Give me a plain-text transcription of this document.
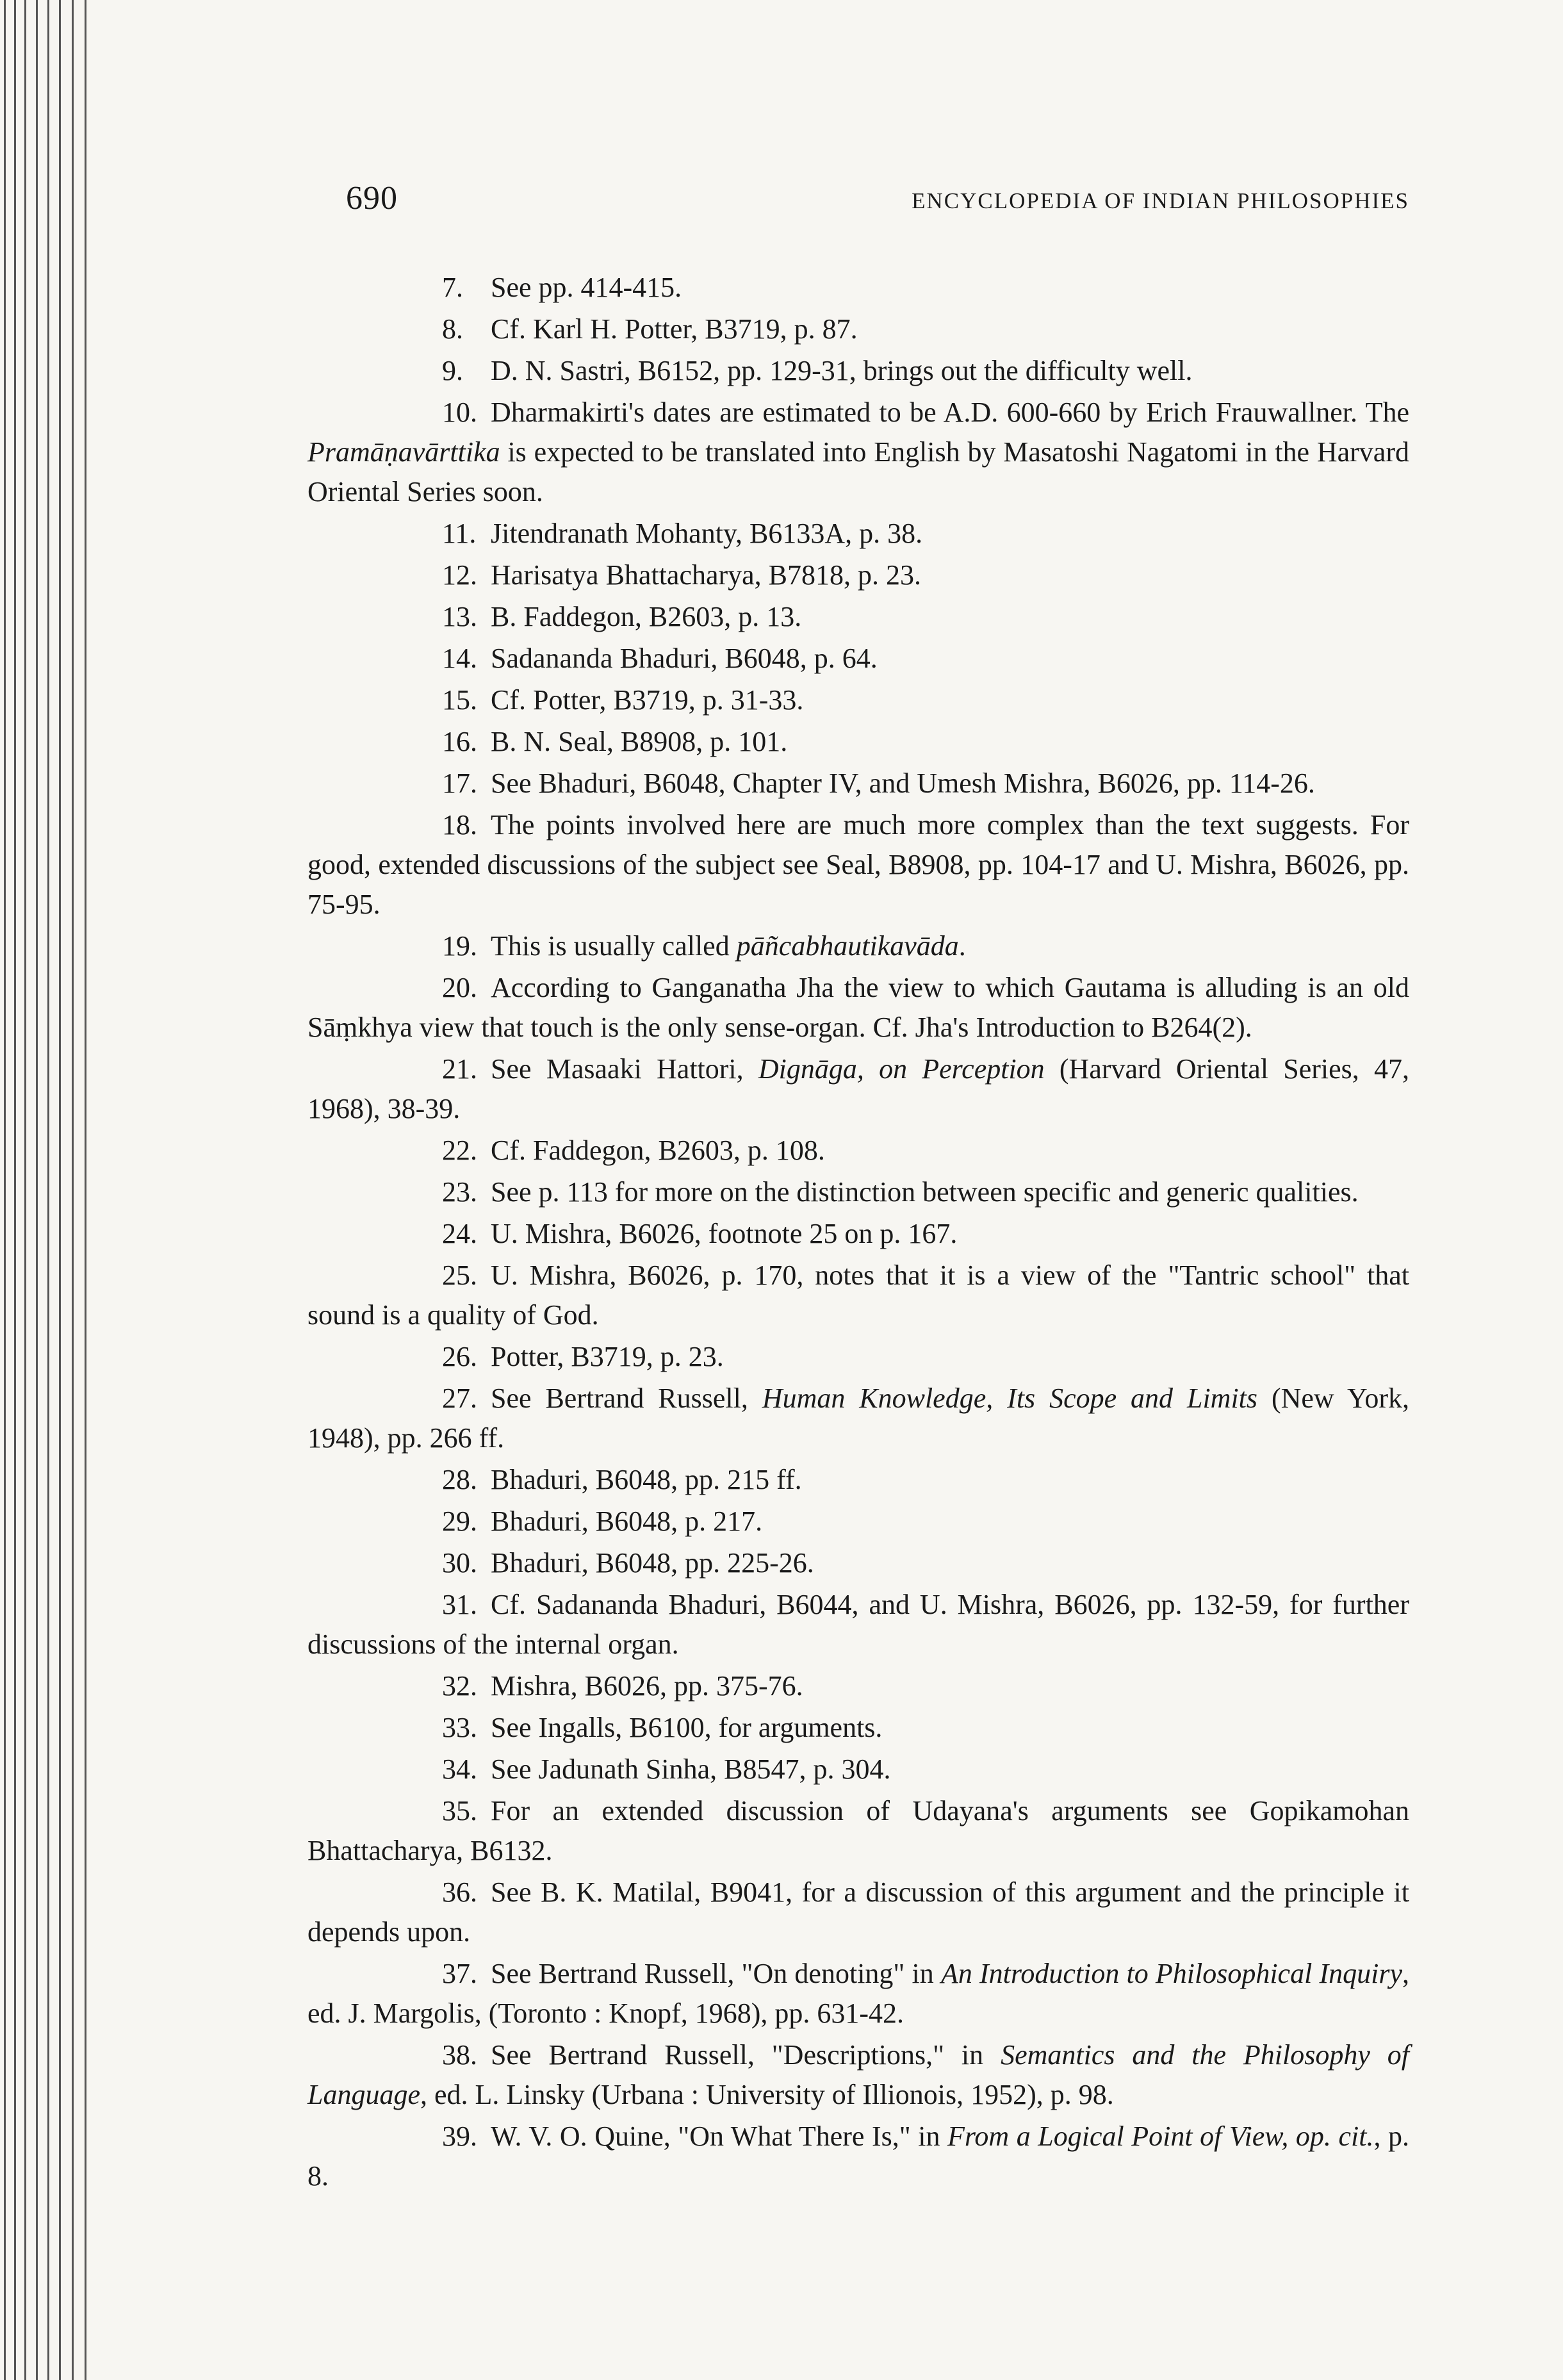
690	ENCYCLOPEDIA OF INDIAN PHILOSOPHIES

7. See pp. 414-415.

8. Cf. Karl H. Potter, B3719, p. 87.

9. D. N. Sastri, B6152, pp. 129-31, brings out the difficulty well.

10. Dharmakirti's dates are estimated to be A.D. 600-660 by Erich Frauwallner. The Pramāṇavārttika is expected to be translated into English by Masatoshi Nagatomi in the Harvard Oriental Series soon.

11. Jitendranath Mohanty, B6133A, p. 38.

12. Harisatya Bhattacharya, B7818, p. 23.

13. B. Faddegon, B2603, p. 13.

14. Sadananda Bhaduri, B6048, p. 64.

15. Cf. Potter, B3719, p. 31-33.

16. B. N. Seal, B8908, p. 101.

17. See Bhaduri, B6048, Chapter IV, and Umesh Mishra, B6026, pp. 114-26.

18. The points involved here are much more complex than the text suggests. For good, extended discussions of the subject see Seal, B8908, pp. 104-17 and U. Mishra, B6026, pp. 75-95.

19. This is usually called pāñcabhautikavāda.

20. According to Ganganatha Jha the view to which Gautama is alluding is an old Sāṃkhya view that touch is the only sense-organ. Cf. Jha's Introduction to B264(2).

21. See Masaaki Hattori, Dignāga, on Perception (Harvard Oriental Series, 47, 1968), 38-39.

22. Cf. Faddegon, B2603, p. 108.

23. See p. 113 for more on the distinction between specific and generic qualities.

24. U. Mishra, B6026, footnote 25 on p. 167.

25. U. Mishra, B6026, p. 170, notes that it is a view of the "Tantric school" that sound is a quality of God.

26. Potter, B3719, p. 23.

27. See Bertrand Russell, Human Knowledge, Its Scope and Limits (New York, 1948), pp. 266 ff.

28. Bhaduri, B6048, pp. 215 ff.

29. Bhaduri, B6048, p. 217.

30. Bhaduri, B6048, pp. 225-26.

31. Cf. Sadananda Bhaduri, B6044, and U. Mishra, B6026, pp. 132-59, for further discussions of the internal organ.

32. Mishra, B6026, pp. 375-76.

33. See Ingalls, B6100, for arguments.

34. See Jadunath Sinha, B8547, p. 304.

35. For an extended discussion of Udayana's arguments see Gopikamohan Bhattacharya, B6132.

36. See B. K. Matilal, B9041, for a discussion of this argument and the principle it depends upon.

37. See Bertrand Russell, "On denoting" in An Introduction to Philosophical Inquiry, ed. J. Margolis, (Toronto : Knopf, 1968), pp. 631-42.

38. See Bertrand Russell, "Descriptions," in Semantics and the Philosophy of Language, ed. L. Linsky (Urbana : University of Illionois, 1952), p. 98.

39. W. V. O. Quine, "On What There Is," in From a Logical Point of View, op. cit., p. 8.
